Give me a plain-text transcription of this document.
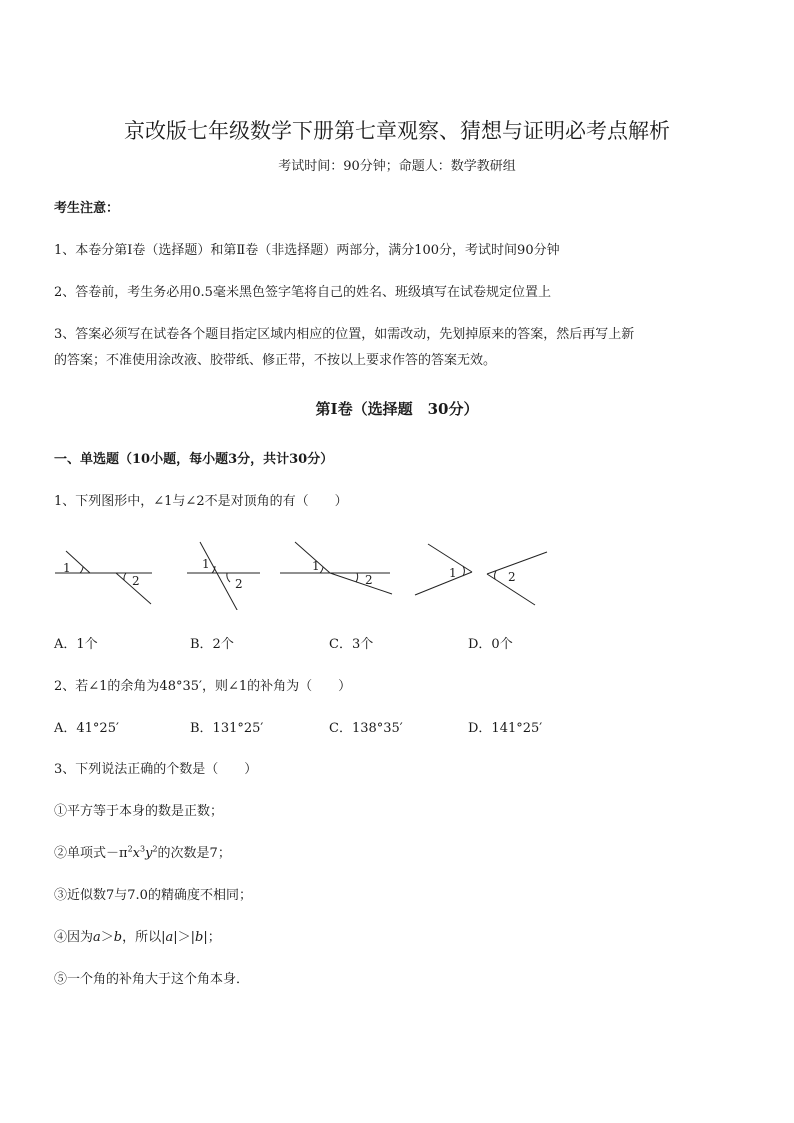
京改版七年级数学下册第七章观察、猜想与证明必考点解析
考试时间：90分钟；命题人：数学教研组
考生注意：
1、本卷分第Ⅰ卷（选择题）和第Ⅱ卷（非选择题）两部分，满分100分，考试时间90分钟
2、答卷前，考生务必用0.5毫米黑色签字笔将自己的姓名、班级填写在试卷规定位置上
3、答案必须写在试卷各个题目指定区域内相应的位置，如需改动，先划掉原来的答案，然后再写上新
的答案；不准使用涂改液、胶带纸、修正带，不按以上要求作答的答案无效。
第Ⅰ卷（选择题　30分）
一、单选题（10小题，每小题3分，共计30分）
1、下列图形中，∠1与∠2不是对顶角的有（　　）
1
2
1
2
1
2	1	2
A．1个	B．2个	C．3个	D．0个
2、若∠1的余角为48°35′，则∠1的补角为（　　）
A．41°25′	B．131°25′	C．138°35′	D．141°25′
3、下列说法正确的个数是（　　）
①平方等于本身的数是正数；
②单项式$-\pi^2x^3y^2$的次数是7；
③近似数7与7.0的精确度不相同；
④因为a＞b，所以|a|＞|b|；
⑤一个角的补角大于这个角本身．
